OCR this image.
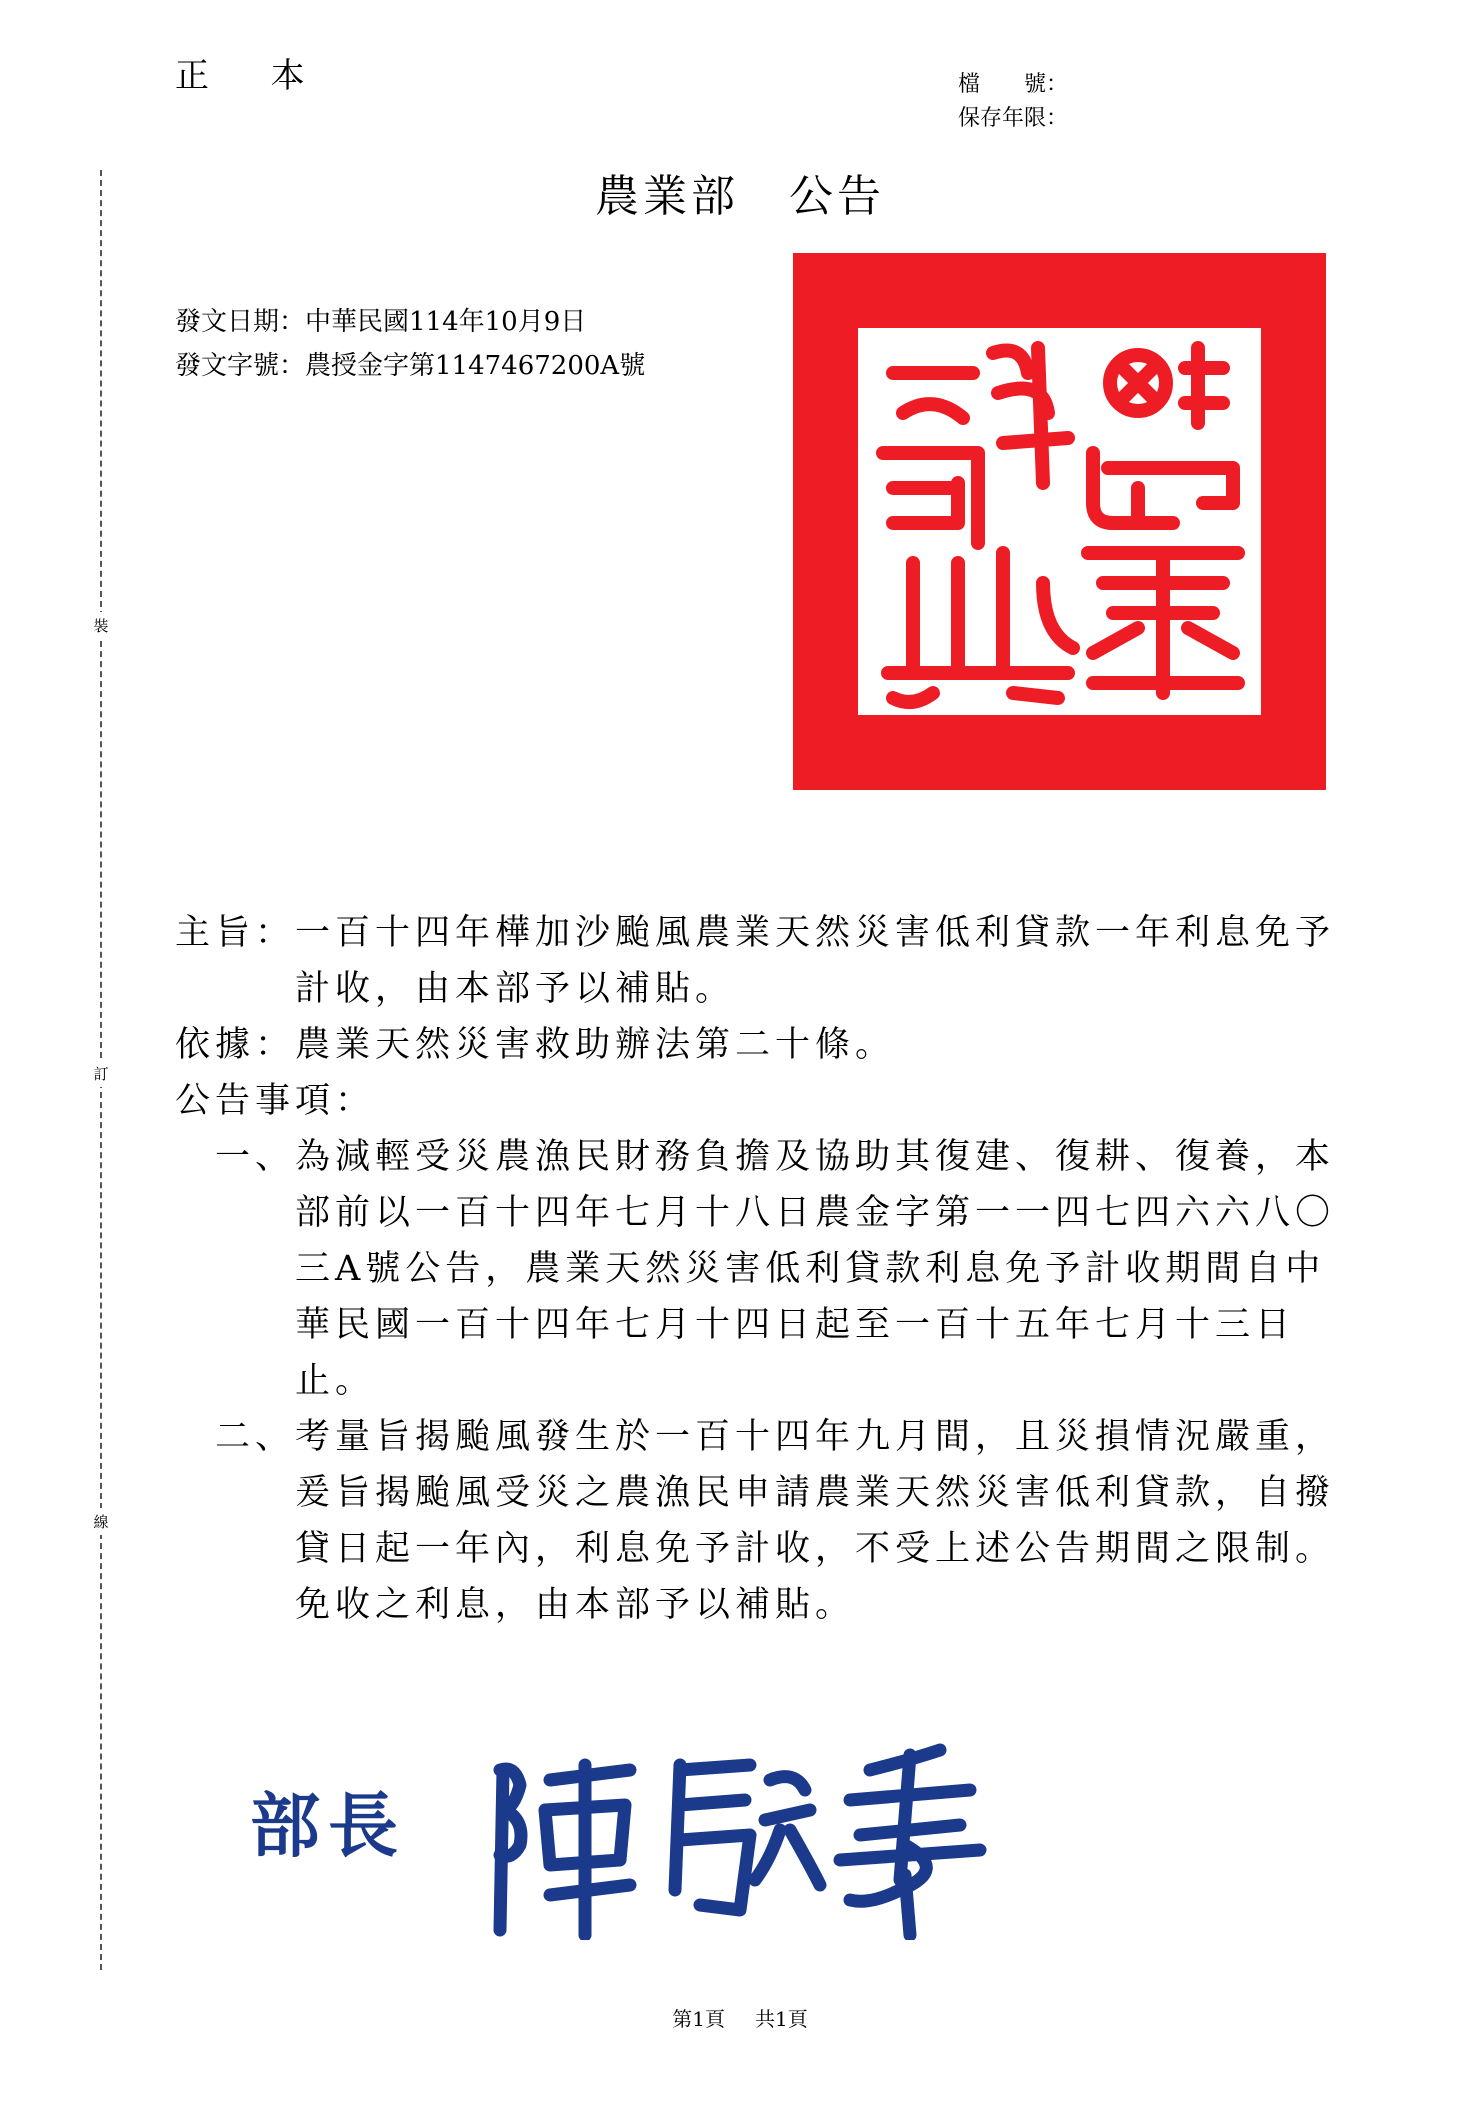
正 本	檔　　號：
保存年限：
農業部 公告
發文日期：中華民國114年10月9日
發文字號：農授金字第1147467200A號
裝
訂
線
主旨： 一百十四年樺加沙颱風農業天然災害低利貸款一年利息免予計收，由本部予以補貼。
依據： 農業天然災害救助辦法第二十條。
公告事項：
一、 為減輕受災農漁民財務負擔及協助其復建、復耕、復養，本部前以一百十四年七月十八日農金字第一一四七四六六八〇三A號公告，農業天然災害低利貸款利息免予計收期間自中華民國一百十四年七月十四日起至一百十五年七月十三日止。
二、 考量旨揭颱風發生於一百十四年九月間，且災損情況嚴重，爰旨揭颱風受災之農漁民申請農業天然災害低利貸款，自撥貸日起一年內，利息免予計收，不受上述公告期間之限制。免收之利息，由本部予以補貼。
部長
第1頁 共1頁
